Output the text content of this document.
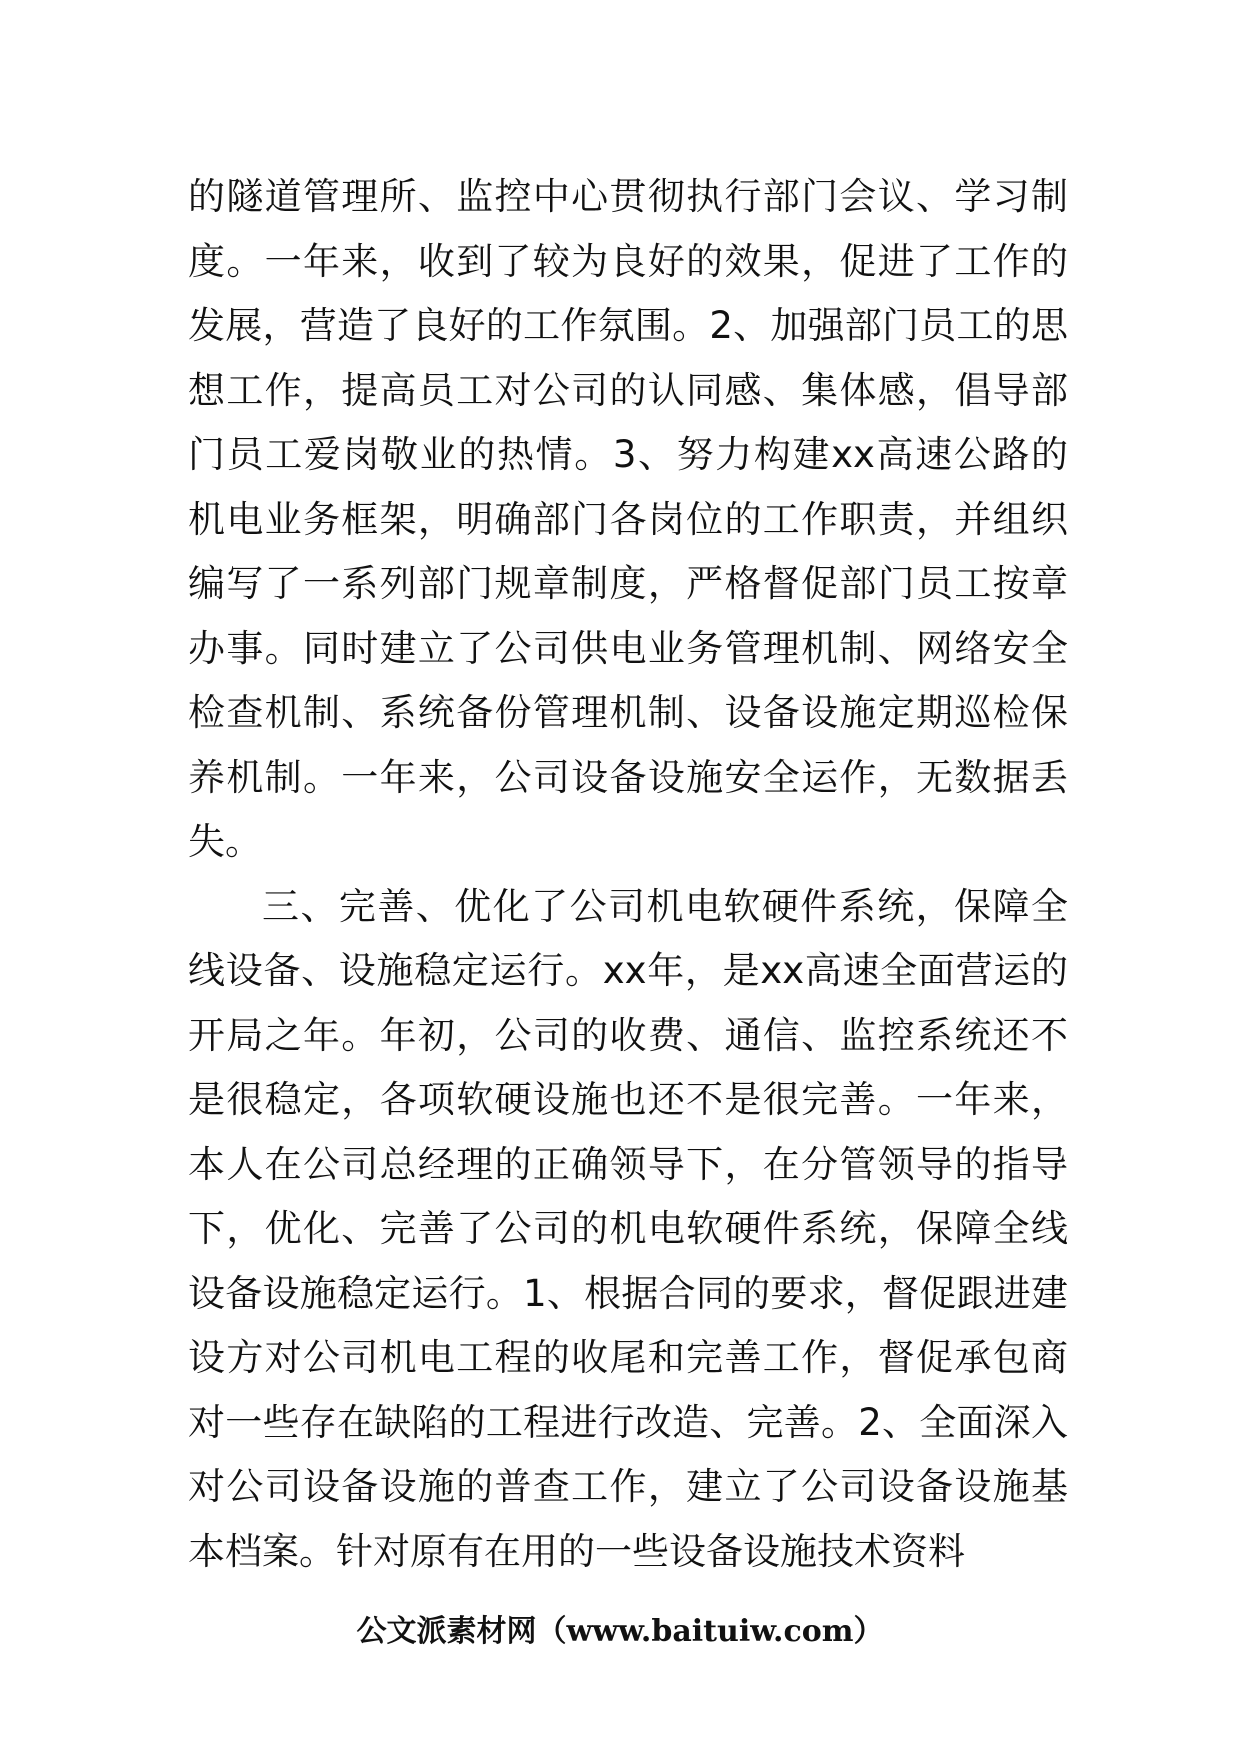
的隧道管理所、监控中心贯彻执行部门会议、学习制度。一年来，收到了较为良好的效果，促进了工作的发展，营造了良好的工作氛围。2、加强部门员工的思想工作，提高员工对公司的认同感、集体感，倡导部门员工爱岗敬业的热情。3、努力构建xx高速公路的机电业务框架，明确部门各岗位的工作职责，并组织编写了一系列部门规章制度，严格督促部门员工按章办事。同时建立了公司供电业务管理机制、网络安全检查机制、系统备份管理机制、设备设施定期巡检保养机制。一年来，公司设备设施安全运作，无数据丢失。

三、完善、优化了公司机电软硬件系统，保障全线设备、设施稳定运行。xx年，是xx高速全面营运的开局之年。年初，公司的收费、通信、监控系统还不是很稳定，各项软硬设施也还不是很完善。一年来，本人在公司总经理的正确领导下，在分管领导的指导下，优化、完善了公司的机电软硬件系统，保障全线设备设施稳定运行。1、根据合同的要求，督促跟进建设方对公司机电工程的收尾和完善工作，督促承包商对一些存在缺陷的工程进行改造、完善。2、全面深入对公司设备设施的普查工作，建立了公司设备设施基本档案。针对原有在用的一些设备设施技术资料

公文派素材网（www.baituiw.com）
